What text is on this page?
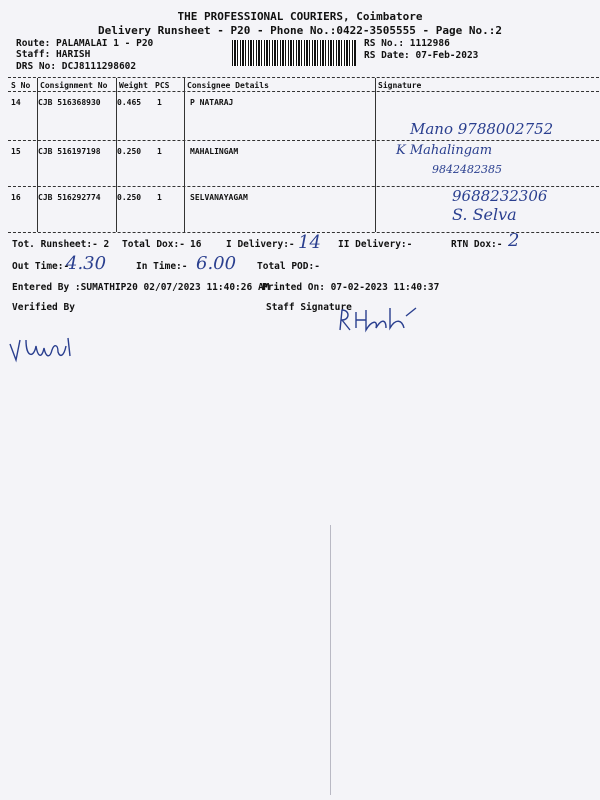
THE PROFESSIONAL COURIERS, Coimbatore
Delivery Runsheet - P20 - Phone No.:0422-3505555 - Page No.:2
Route: PALAMALAI 1 - P20
Staff: HARISH
DRS No: DCJ8111298602
RS No.: 1112986
RS Date: 07-Feb-2023
S No Consignment No Weight PCS Consignee Details	Signature
14 CJB 516368930 0.465 1	P NATARAJ
Mano 9788002752
15 CJB 516197198 0.250 1	MAHALINGAM	K Mahalingam
9842482385
16 CJB 516292774 0.250 1	SELVANAYAGAM	9688232306
S. Selva
Tot. Runsheet:- 2 Total Dox:- 16	I Delivery:- 14 II Delivery:-	RTN Dox:- 2
Out Time:-
4.30	In Time:- 6.00 Total POD:-
Entered By :SUMATHIP20 02/07/2023 11:40:26 AM
Printed On: 07-02-2023 11:40:37
Verified By	Staff Signature
